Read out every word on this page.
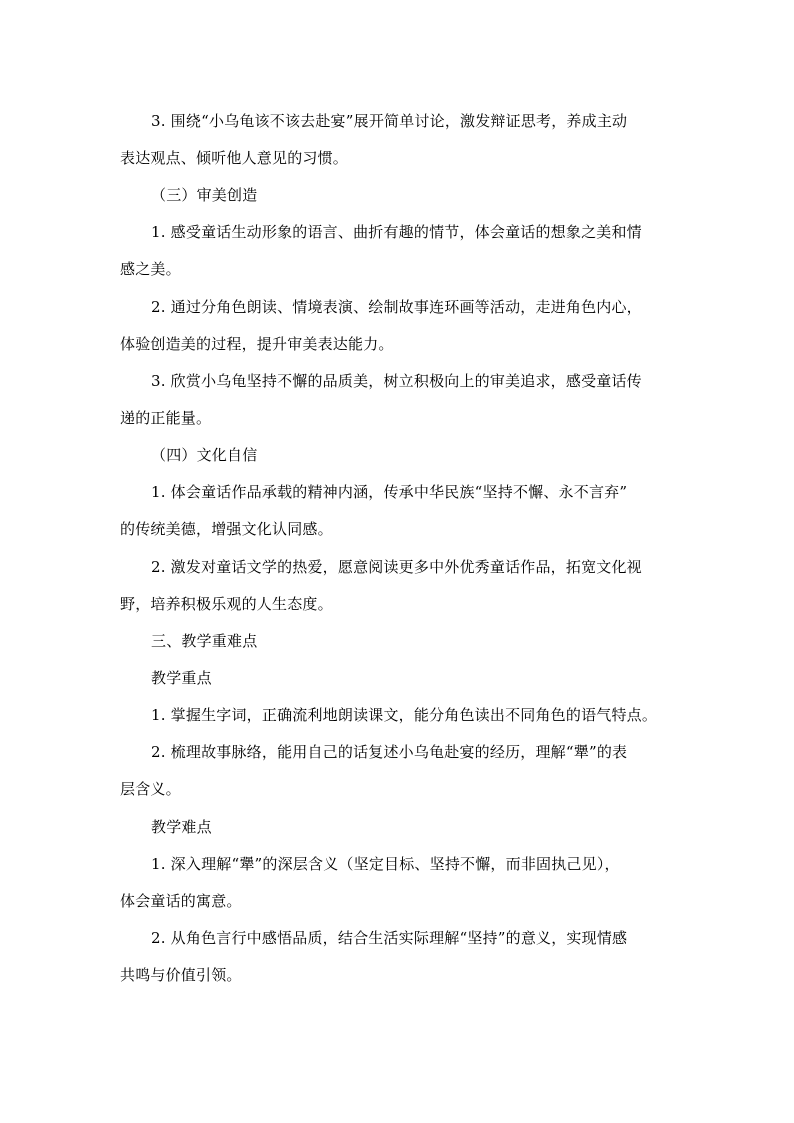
3. 围绕“小乌龟该不该去赴宴”展开简单讨论，激发辩证思考，养成主动
表达观点、倾听他人意见的习惯。
（三）审美创造
1. 感受童话生动形象的语言、曲折有趣的情节，体会童话的想象之美和情
感之美。
2. 通过分角色朗读、情境表演、绘制故事连环画等活动，走进角色内心，
体验创造美的过程，提升审美表达能力。
3. 欣赏小乌龟坚持不懈的品质美，树立积极向上的审美追求，感受童话传
递的正能量。
（四）文化自信
1. 体会童话作品承载的精神内涵，传承中华民族“坚持不懈、永不言弃”
的传统美德，增强文化认同感。
2. 激发对童话文学的热爱，愿意阅读更多中外优秀童话作品，拓宽文化视
野，培养积极乐观的人生态度。
三、教学重难点
教学重点
1. 掌握生字词，正确流利地朗读课文，能分角色读出不同角色的语气特点。
2. 梳理故事脉络，能用自己的话复述小乌龟赴宴的经历，理解“犟”的表
层含义。
教学难点
1. 深入理解“犟”的深层含义（坚定目标、坚持不懈，而非固执己见），
体会童话的寓意。
2. 从角色言行中感悟品质，结合生活实际理解“坚持”的意义，实现情感
共鸣与价值引领。
